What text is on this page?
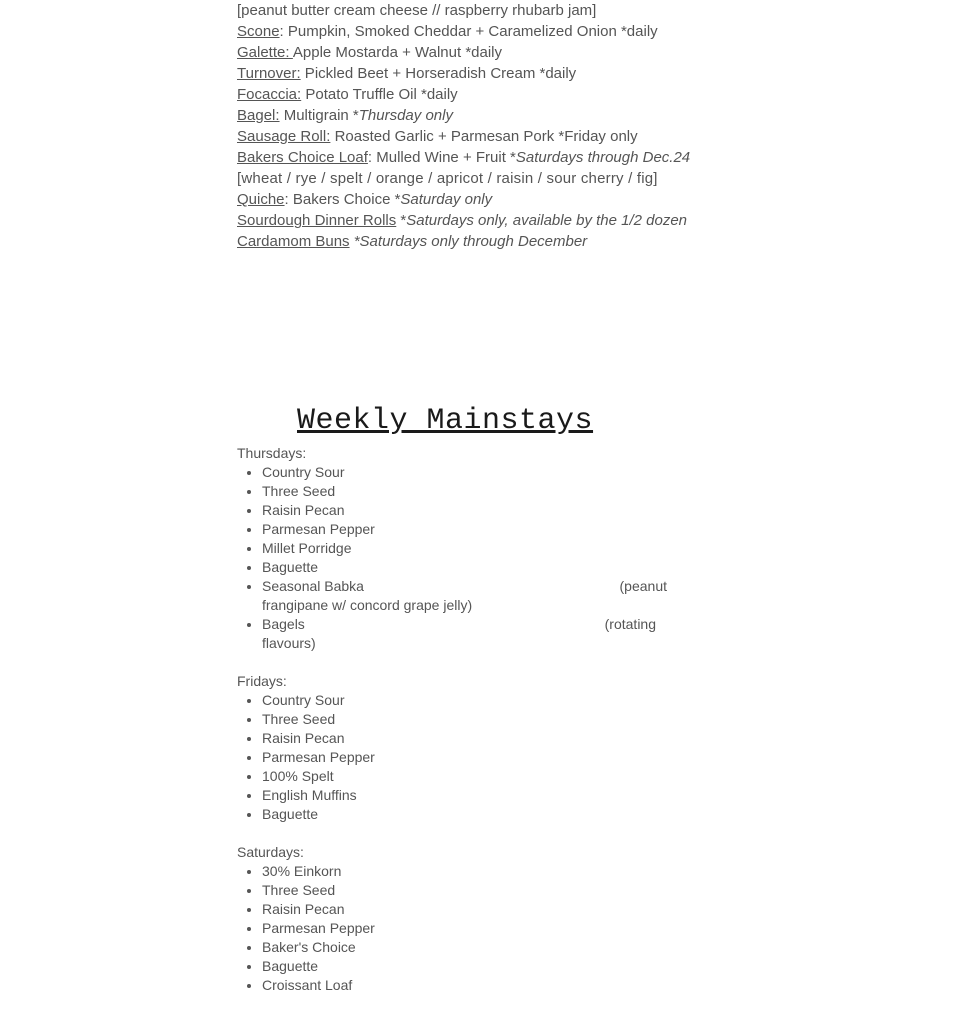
[peanut butter cream cheese // raspberry rhubarb jam]
Scone: Pumpkin, Smoked Cheddar + Caramelized Onion *daily
Galette: Apple Mostarda + Walnut *daily
Turnover: Pickled Beet + Horseradish Cream *daily
Focaccia: Potato Truffle Oil *daily
Bagel: Multigrain *Thursday only
Sausage Roll: Roasted Garlic + Parmesan Pork *Friday only
Bakers Choice Loaf: Mulled Wine + Fruit *Saturdays through Dec.24
[wheat / rye / spelt / orange / apricot / raisin / sour cherry / fig]
Quiche: Bakers Choice *Saturday only
Sourdough Dinner Rolls *Saturdays only, available by the 1/2 dozen
Cardamom Buns *Saturdays only through December
Weekly Mainstays
Thursdays:
• Country Sour
• Three Seed
• Raisin Pecan
• Parmesan Pepper
• Millet Porridge
• Baguette
• Seasonal Babka	(peanut
frangipane w/ concord grape jelly)
• Bagels	(rotating
flavours)
Fridays:
• Country Sour
• Three Seed
• Raisin Pecan
• Parmesan Pepper
• 100% Spelt
• English Muffins
• Baguette
Saturdays:
• 30% Einkorn
• Three Seed
• Raisin Pecan
• Parmesan Pepper
• Baker's Choice
• Baguette
• Croissant Loaf
